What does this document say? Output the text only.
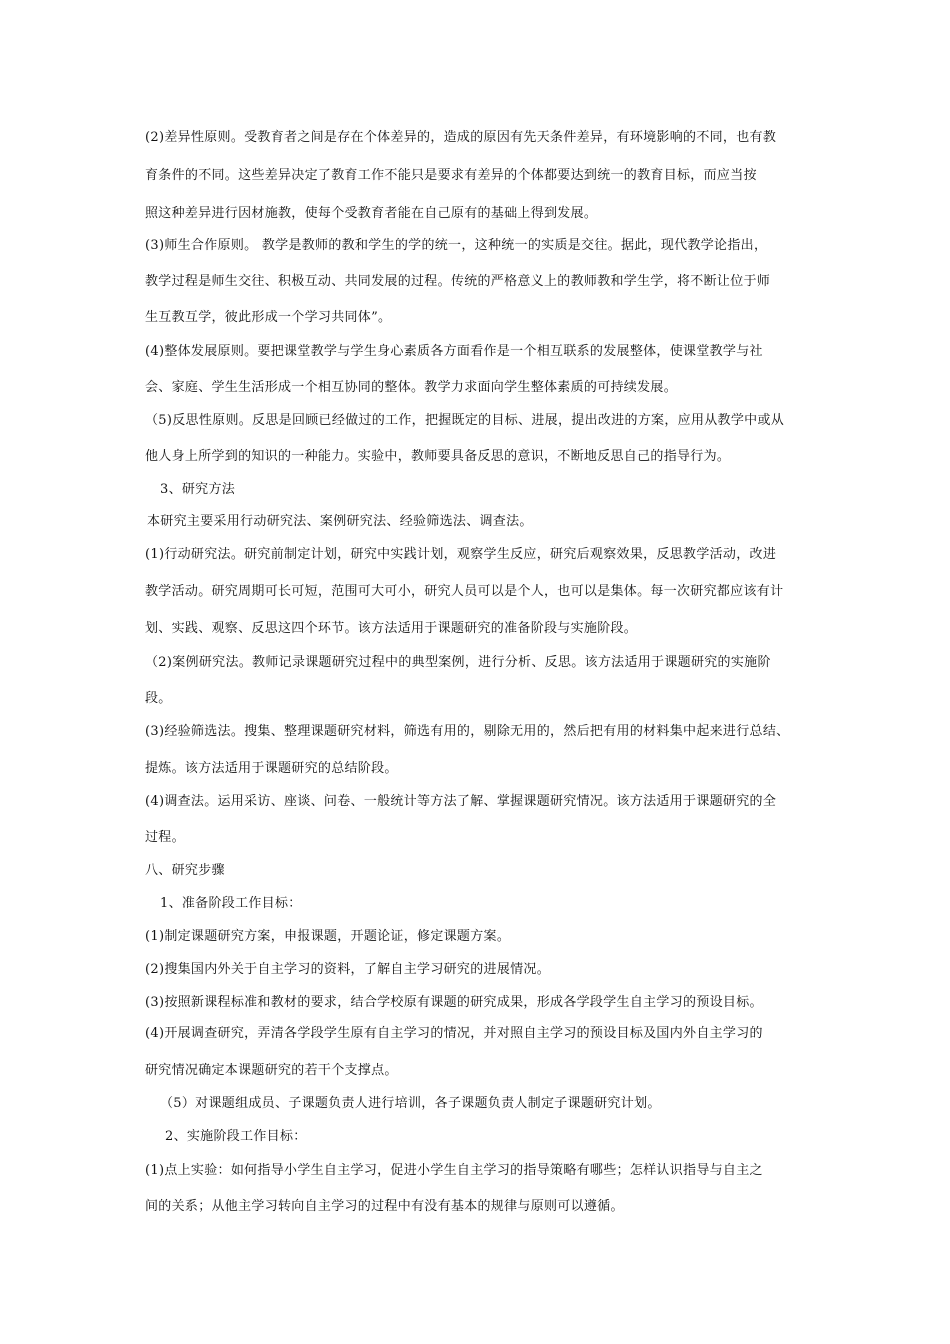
(2)差异性原则。受教育者之间是存在个体差异的，造成的原因有先天条件差异，有环境影响的不同，也有教
育条件的不同。这些差异决定了教育工作不能只是要求有差异的个体都要达到统一的教育目标，而应当按
照这种差异进行因材施教，使每个受教育者能在自己原有的基础上得到发展。
(3)师生合作原则。 教学是教师的教和学生的学的统一，这种统一的实质是交往。据此，现代教学论指出，
教学过程是师生交往、积极互动、共同发展的过程。传统的严格意义上的教师教和学生学，将不断让位于师
生互教互学，彼此形成一个学习共同体”。
(4)整体发展原则。要把课堂教学与学生身心素质各方面看作是一个相互联系的发展整体，使课堂教学与社
会、家庭、学生生活形成一个相互协同的整体。教学力求面向学生整体素质的可持续发展。
（5)反思性原则。反思是回顾已经做过的工作，把握既定的目标、进展，提出改进的方案，应用从教学中或从
他人身上所学到的知识的一种能力。实验中，教师要具备反思的意识，不断地反思自己的指导行为。
3、研究方法
本研究主要采用行动研究法、案例研究法、经验筛选法、调查法。
(1)行动研究法。研究前制定计划，研究中实践计划，观察学生反应，研究后观察效果，反思教学活动，改进
教学活动。研究周期可长可短，范围可大可小，研究人员可以是个人，也可以是集体。每一次研究都应该有计
划、实践、观察、反思这四个环节。该方法适用于课题研究的准备阶段与实施阶段。
（2)案例研究法。教师记录课题研究过程中的典型案例，进行分析、反思。该方法适用于课题研究的实施阶
段。
(3)经验筛选法。搜集、整理课题研究材料，筛选有用的，剔除无用的，然后把有用的材料集中起来进行总结、
提炼。该方法适用于课题研究的总结阶段。
(4)调查法。运用采访、座谈、问卷、一般统计等方法了解、掌握课题研究情况。该方法适用于课题研究的全
过程。
八、研究步骤
1、准备阶段工作目标：
(1)制定课题研究方案，申报课题，开题论证，修定课题方案。
(2)搜集国内外关于自主学习的资料，了解自主学习研究的进展情况。
(3)按照新课程标准和教材的要求，结合学校原有课题的研究成果，形成各学段学生自主学习的预设目标。
(4)开展调查研究，弄清各学段学生原有自主学习的情况，并对照自主学习的预设目标及国内外自主学习的
研究情况确定本课题研究的若干个支撑点。
（5）对课题组成员、子课题负责人进行培训，各子课题负责人制定子课题研究计划。
2、实施阶段工作目标：
(1)点上实验：如何指导小学生自主学习，促进小学生自主学习的指导策略有哪些；怎样认识指导与自主之
间的关系；从他主学习转向自主学习的过程中有没有基本的规律与原则可以遵循。
